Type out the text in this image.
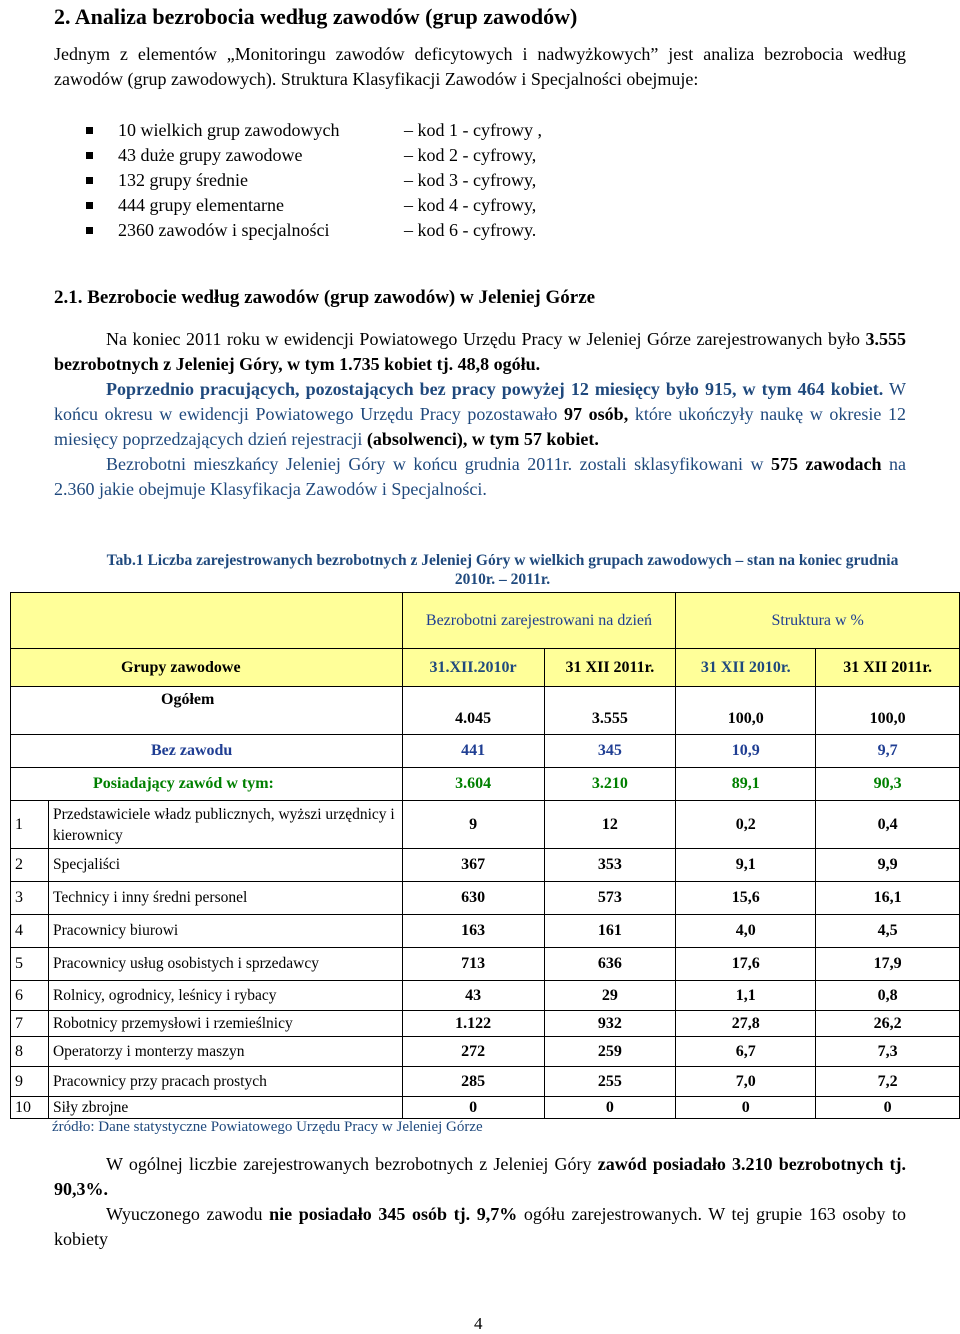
2. Analiza bezrobocia według zawodów (grup zawodów)

Jednym z elementów „Monitoringu zawodów deficytowych i nadwyżkowych” jest analiza bezrobocia według zawodów (grup zawodowych). Struktura Klasyfikacji Zawodów i Specjalności obejmuje:

10 wielkich grup zawodowych	– kod 1 - cyfrowy ,
43 duże grupy zawodowe	– kod 2 - cyfrowy,
132 grupy średnie	– kod 3 - cyfrowy,
444 grupy elementarne	– kod 4 - cyfrowy,
2360 zawodów i specjalności	– kod 6 - cyfrowy.
2.1. Bezrobocie według zawodów (grup zawodów) w Jeleniej Górze

Na koniec 2011 roku w ewidencji Powiatowego Urzędu Pracy w Jeleniej Górze zarejestrowanych było 3.555 bezrobotnych z Jeleniej Góry, w tym 1.735 kobiet tj. 48,8 ogółu.

Poprzednio pracujących, pozostających bez pracy powyżej 12 miesięcy było 915, w tym 464 kobiet. W końcu okresu w ewidencji Powiatowego Urzędu Pracy pozostawało 97 osób, które ukończyły naukę w okresie 12 miesięcy poprzedzających dzień rejestracji (absolwenci), w tym 57 kobiet.

Bezrobotni mieszkańcy Jeleniej Góry w końcu grudnia 2011r. zostali sklasyfikowani w 575 zawodach na 2.360 jakie obejmuje Klasyfikacja Zawodów i Specjalności.

Tab.1 Liczba zarejestrowanych bezrobotnych z Jeleniej Góry w wielkich grupach zawodowych – stan na koniec grudnia 2010r. – 2011r.
		Bezrobotni zarejestrowani na dzień		Struktura w %	
Grupy zawodowe		31.XII.2010r	31 XII 2011r.	31 XII 2010r.	31 XII 2011r.
Ogółem		4.045	3.555	100,0	100,0
Bez zawodu		441	345	10,9	9,7
Posiadający zawód w tym:		3.604	3.210	89,1	90,3
1	Przedstawiciele władz publicznych, wyższi urzędnicy i kierownicy	9	12	0,2	0,4
2	Specjaliści	367	353	9,1	9,9
3	Technicy i inny średni personel	630	573	15,6	16,1
4	Pracownicy biurowi	163	161	4,0	4,5
5	Pracownicy usług osobistych i sprzedawcy	713	636	17,6	17,9
6	Rolnicy, ogrodnicy, leśnicy i rybacy	43	29	1,1	0,8
7	Robotnicy przemysłowi i rzemieślnicy	1.122	932	27,8	26,2
8	Operatorzy i monterzy maszyn	272	259	6,7	7,3
9	Pracownicy przy pracach prostych	285	255	7,0	7,2
10	Siły zbrojne	0	0	0	0
źródło: Dane statystyczne Powiatowego Urzędu Pracy w Jeleniej Górze

W ogólnej liczbie zarejestrowanych bezrobotnych z Jeleniej Góry zawód posiadało 3.210 bezrobotnych tj. 90,3%.

Wyuczonego zawodu nie posiadało 345 osób tj. 9,7% ogółu zarejestrowanych. W tej grupie 163 osoby to kobiety

4
